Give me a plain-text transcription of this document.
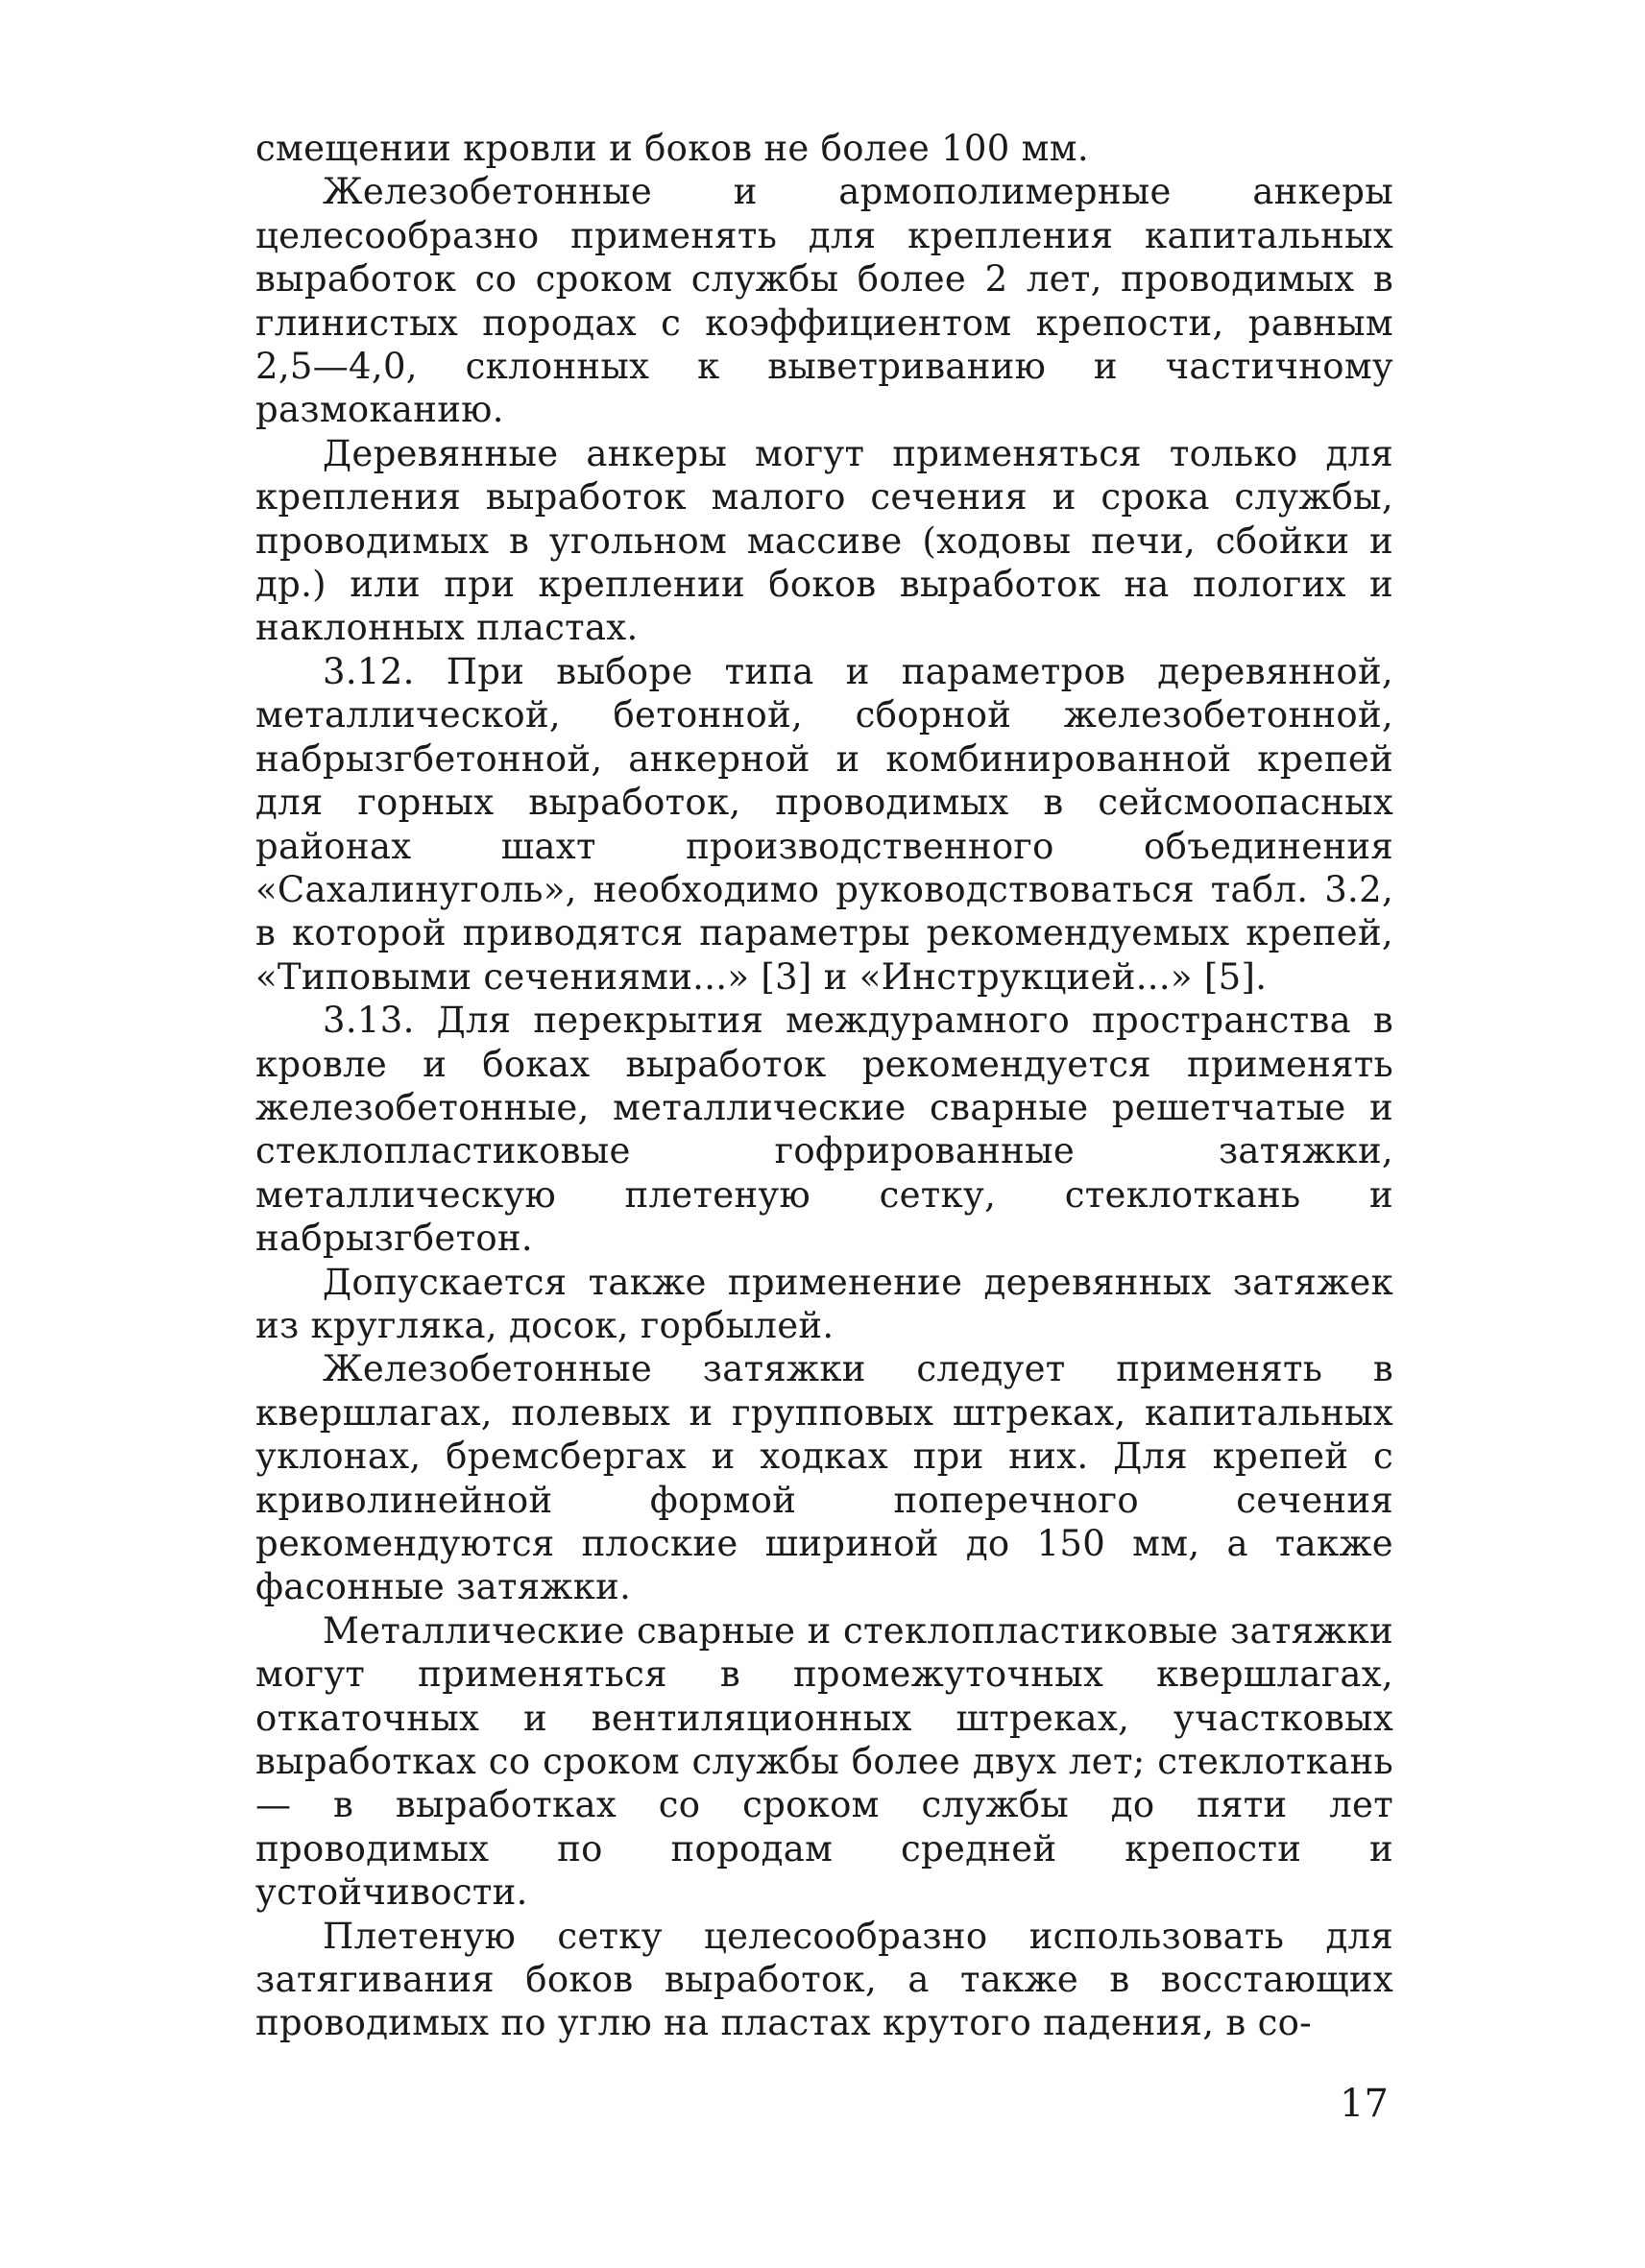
смещении кровли и боков не более 100 мм.

Железобетонные и армополимерные анкеры целесообразно применять для крепления капитальных выработок со сроком службы более 2 лет, проводимых в глинистых породах с коэффициентом крепости, равным 2,5—4,0, склонных к выветриванию и частичному размоканию.

Деревянные анкеры могут применяться только для крепления выработок малого сечения и срока службы, проводимых в угольном массиве (ходовы печи, сбойки и др.) или при креплении боков выработок на пологих и наклонных пластах.

3.12. При выборе типа и параметров деревянной, металлической, бетонной, сборной железобетонной, набрызгбетонной, анкерной и комбинированной крепей для горных выработок, проводимых в сейсмоопасных районах шахт производственного объединения «Сахалинуголь», необходимо руководствоваться табл. 3.2, в которой приводятся параметры рекомендуемых крепей, «Типовыми сечениями...» [3] и «Инструкцией...» [5].

3.13. Для перекрытия междурамного пространства в кровле и боках выработок рекомендуется применять железобетонные, металлические сварные решетчатые и стеклопластиковые гофрированные затяжки, металлическую плетеную сетку, стеклоткань и набрызгбетон.

Допускается также применение деревянных затяжек из кругляка, досок, горбылей.

Железобетонные затяжки следует применять в квершлагах, полевых и групповых штреках, капитальных уклонах, бремсбергах и ходках при них. Для крепей с криволинейной формой поперечного сечения рекомендуются плоские шириной до 150 мм, а также фасонные затяжки.

Металлические сварные и стеклопластиковые затяжки могут применяться в промежуточных квершлагах, откаточных и вентиляционных штреках, участковых выработках со сроком службы более двух лет; стеклоткань — в выработках со сроком службы до пяти лет проводимых по породам средней крепости и устойчивости.

Плетеную сетку целесообразно использовать для затягивания боков выработок, а также в восстающих проводимых по углю на пластах крутого падения, в со-

17
